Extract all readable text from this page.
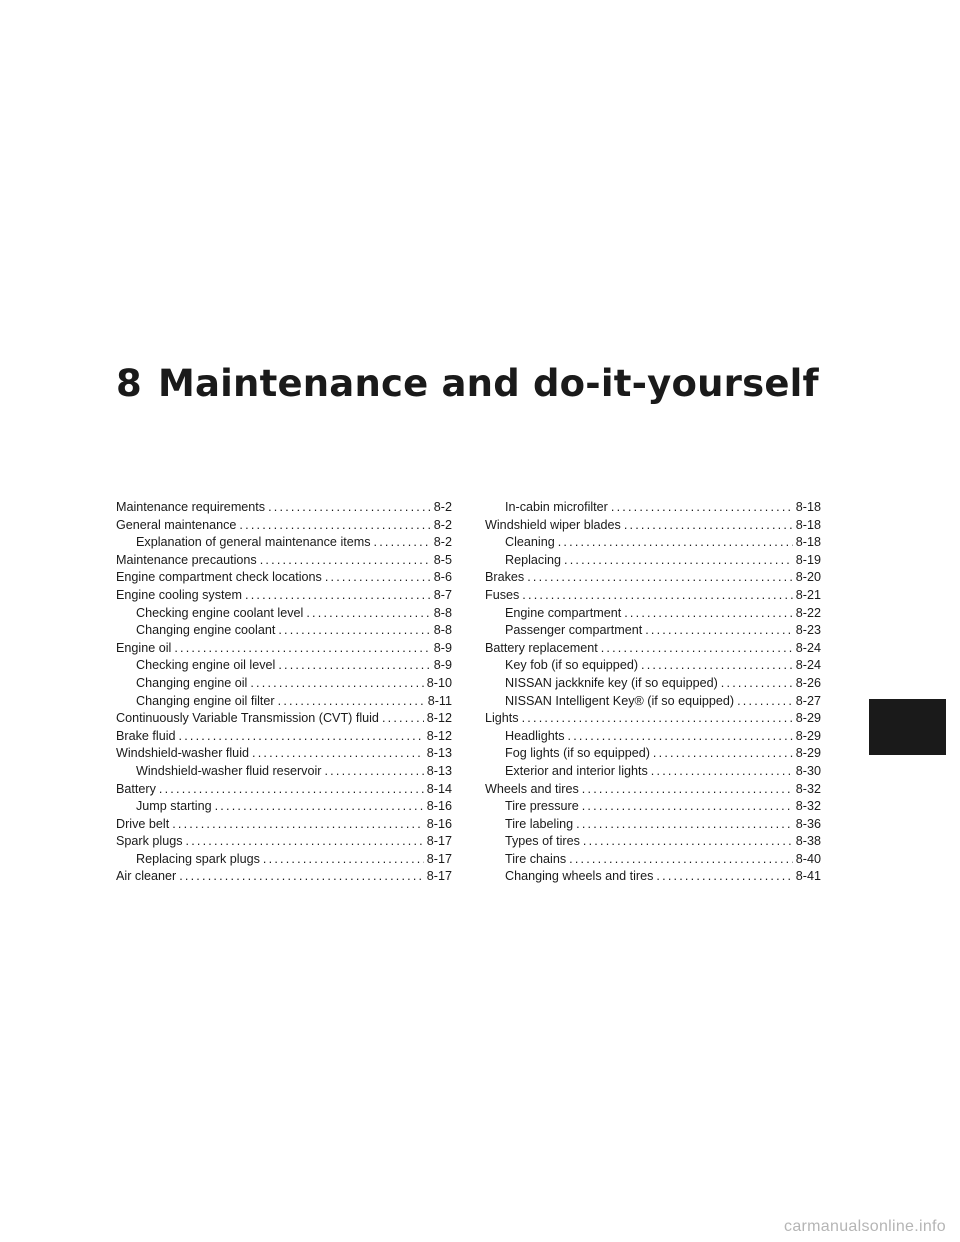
8 Maintenance and do-it-yourself
Maintenance requirements .....	8-2
General maintenance .....	8-2
Explanation of general maintenance items .....	8-2
Maintenance precautions .....	8-5
Engine compartment check locations .....	8-6
Engine cooling system .....	8-7
Checking engine coolant level .....	8-8
Changing engine coolant .....	8-8
Engine oil .....	8-9
Checking engine oil level .....	8-9
Changing engine oil .....	8-10
Changing engine oil filter .....	8-11
Continuously Variable Transmission (CVT) fluid .....	8-12
Brake fluid .....	8-12
Windshield-washer fluid .....	8-13
Windshield-washer fluid reservoir .....	8-13
Battery .....	8-14
Jump starting .....	8-16
Drive belt .....	8-16
Spark plugs .....	8-17
Replacing spark plugs .....	8-17
Air cleaner .....	8-17
In-cabin microfilter .....	8-18
Windshield wiper blades .....	8-18
Cleaning .....	8-18
Replacing .....	8-19
Brakes .....	8-20
Fuses .....	8-21
Engine compartment .....	8-22
Passenger compartment .....	8-23
Battery replacement .....	8-24
Key fob (if so equipped) .....	8-24
NISSAN jackknife key (if so equipped) .....	8-26
NISSAN Intelligent Key® (if so equipped) .....	8-27
Lights .....	8-29
Headlights .....	8-29
Fog lights (if so equipped) .....	8-29
Exterior and interior lights .....	8-30
Wheels and tires .....	8-32
Tire pressure .....	8-32
Tire labeling .....	8-36
Types of tires .....	8-38
Tire chains .....	8-40
Changing wheels and tires .....	8-41
carmanualsonline.info
